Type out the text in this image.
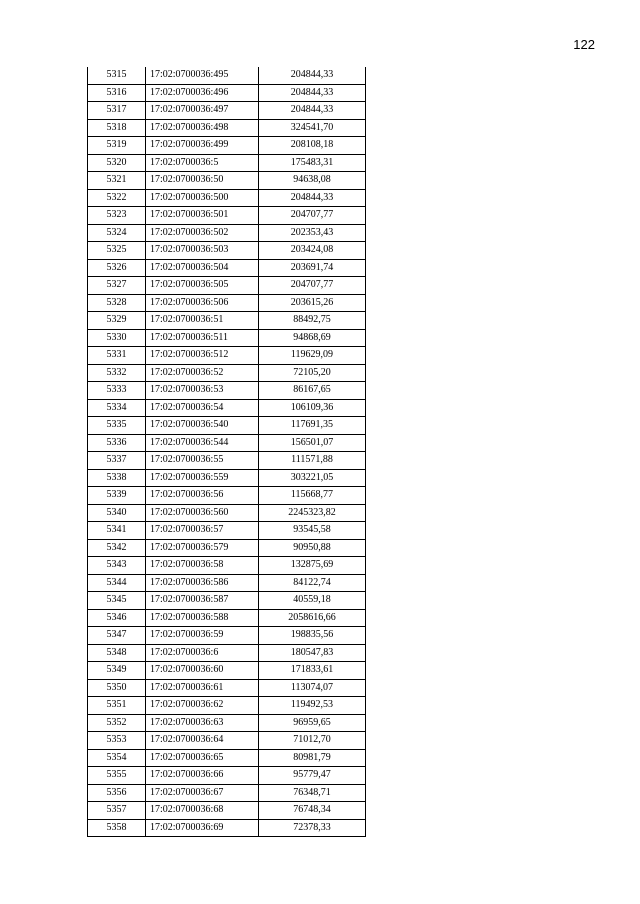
122
5315	17:02:0700036:495	204844,33
5316	17:02:0700036:496	204844,33
5317	17:02:0700036:497	204844,33
5318	17:02:0700036:498	324541,70
5319	17:02:0700036:499	208108,18
5320	17:02:0700036:5	175483,31
5321	17:02:0700036:50	94638,08
5322	17:02:0700036:500	204844,33
5323	17:02:0700036:501	204707,77
5324	17:02:0700036:502	202353,43
5325	17:02:0700036:503	203424,08
5326	17:02:0700036:504	203691,74
5327	17:02:0700036:505	204707,77
5328	17:02:0700036:506	203615,26
5329	17:02:0700036:51	88492,75
5330	17:02:0700036:511	94868,69
5331	17:02:0700036:512	119629,09
5332	17:02:0700036:52	72105,20
5333	17:02:0700036:53	86167,65
5334	17:02:0700036:54	106109,36
5335	17:02:0700036:540	117691,35
5336	17:02:0700036:544	156501,07
5337	17:02:0700036:55	111571,88
5338	17:02:0700036:559	303221,05
5339	17:02:0700036:56	115668,77
5340	17:02:0700036:560	2245323,82
5341	17:02:0700036:57	93545,58
5342	17:02:0700036:579	90950,88
5343	17:02:0700036:58	132875,69
5344	17:02:0700036:586	84122,74
5345	17:02:0700036:587	40559,18
5346	17:02:0700036:588	2058616,66
5347	17:02:0700036:59	198835,56
5348	17:02:0700036:6	180547,83
5349	17:02:0700036:60	171833,61
5350	17:02:0700036:61	113074,07
5351	17:02:0700036:62	119492,53
5352	17:02:0700036:63	96959,65
5353	17:02:0700036:64	71012,70
5354	17:02:0700036:65	80981,79
5355	17:02:0700036:66	95779,47
5356	17:02:0700036:67	76348,71
5357	17:02:0700036:68	76748,34
5358	17:02:0700036:69	72378,33
